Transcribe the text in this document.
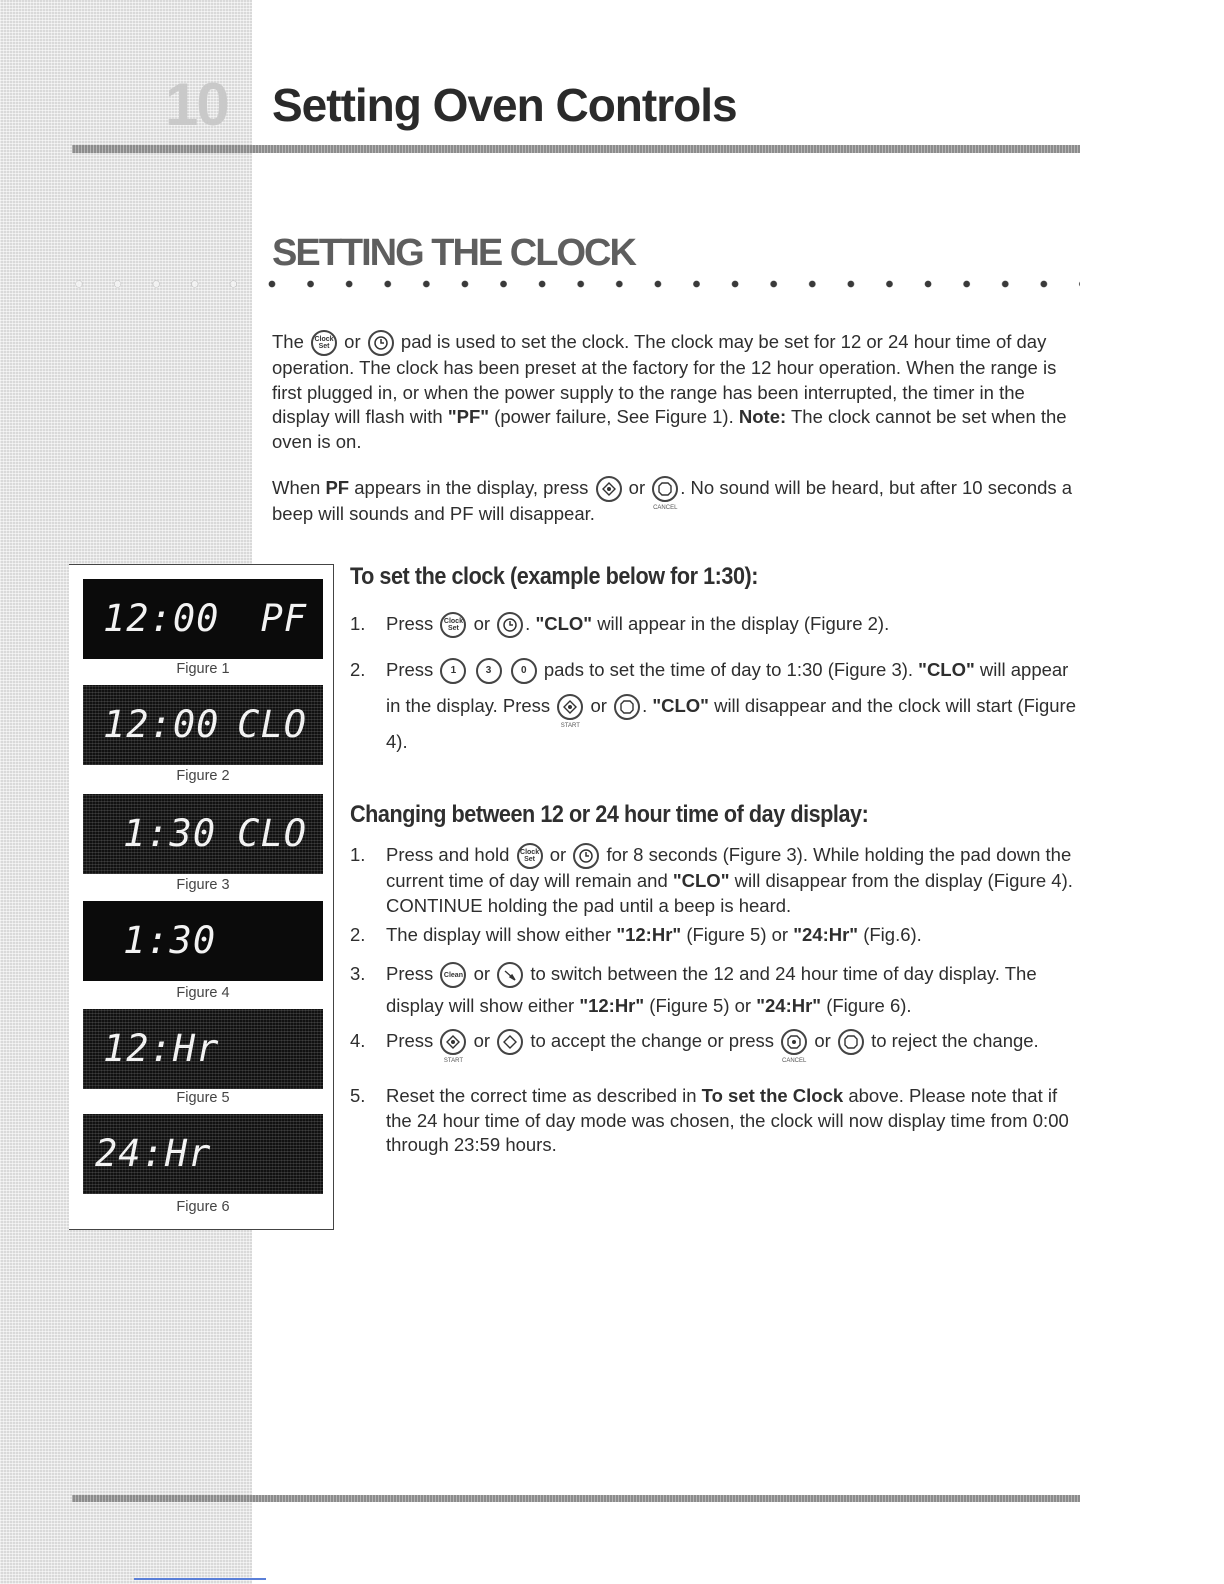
10 Setting Oven Controls
SETTING THE CLOCK

The Clock Set or pad is used to set the clock. The clock may be set for 12 or 24 hour time of day operation. The clock has been preset at the factory for the 12 hour operation. When the range is first plugged in, or when the power supply to the range has been interrupted, the timer in the display will flash with "PF" (power failure, See Figure 1). Note: The clock cannot be set when the oven is on.

When PF appears in the display, press or
CANCEL
. No sound will be heard, but after 10 seconds a beep will sounds and PF will disappear.

12:00 PF
Figure 1
12:00 CLO
Figure 2
1:30 CLO
Figure 3
1:30
Figure 4
12:Hr
Figure 5
24:Hr
Figure 6
To set the clock (example below for 1:30):

1. Press Clock Set or . "CLO" will appear in the display (Figure 2).

2. Press 1
	3
	0 pads to set the time of day to 1:30 (Figure 3). "CLO" will appear in the display. Press
START
or . "CLO" will disappear and the clock will start (Figure 4).

Changing between 12 or 24 hour time of day display:

1. Press and hold Clock Set or for 8 seconds (Figure 3). While holding the pad down the current time of day will remain and "CLO" will disappear from the display (Figure 4). CONTINUE holding the pad until a beep is heard.

2. The display will show either "12:Hr" (Figure 5) or "24:Hr" (Fig.6).

3. Press Clean or to switch between the 12 and 24 hour time of day display. The display will show either "12:Hr" (Figure 5) or "24:Hr" (Figure 6).

4. Press
START
or to accept the change or press
CANCEL
or to reject the change.

5. Reset the correct time as described in To set the Clock above. Please note that if the 24 hour time of day mode was chosen, the clock will now display time from 0:00 through 23:59 hours.
